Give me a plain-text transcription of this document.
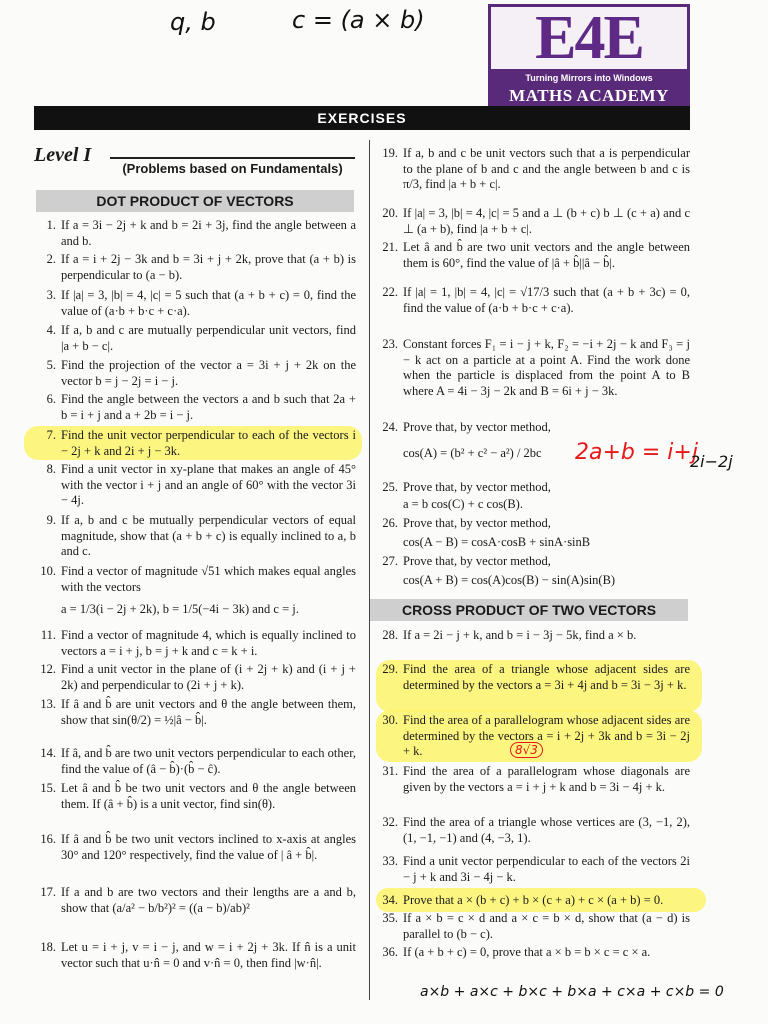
q, b	c = (a × b)	E4E
Turning Mirrors into Windows
MATHS ACADEMY
EXERCISES
Level I
(Problems based on Fundamentals)
DOT PRODUCT OF VECTORS
CROSS PRODUCT OF TWO VECTORS
1. If a = 3i − 2j + k and b = 2i + 3j, find the angle between a and b.
2. If a = i + 2j − 3k and b = 3i + j + 2k, prove that (a + b) is perpendicular to (a − b).
3. If |a| = 3, |b| = 4, |c| = 5 such that (a + b + c) = 0, find the value of (a·b + b·c + c·a).
4. If a, b and c are mutually perpendicular unit vectors, find |a + b − c|.
5. Find the projection of the vector a = 3i + j + 2k on the vector b = j − 2j = i − j.
6. Find the angle between the vectors a and b such that 2a + b = i + j and a + 2b = i − j.
7. Find the unit vector perpendicular to each of the vectors i − 2j + k and 2i + j − 3k.
8. Find a unit vector in xy-plane that makes an angle of 45° with the vector i + j and an angle of 60° with the vector 3i − 4j.
9. If a, b and c be mutually perpendicular vectors of equal magnitude, show that (a + b + c) is equally inclined to a, b and c.
10. Find a vector of magnitude √51 which makes equal angles with the vectors
a = 1/3(i − 2j + 2k), b = 1/5(−4i − 3k) and c = j.
11. Find a vector of magnitude 4, which is equally inclined to vectors a = i + j, b = j + k and c = k + i.
12. Find a unit vector in the plane of (i + 2j + k) and (i + j + 2k) and perpendicular to (2i + j + k).
13. If â and b̂ are unit vectors and θ the angle between them, show that sin(θ/2) = ½|â − b̂|.
14. If â, and b̂ are two unit vectors perpendicular to each other, find the value of (â − b̂)·(b̂ − ĉ).
15. Let â and b̂ be two unit vectors and θ the angle between them. If (â + b̂) is a unit vector, find sin(θ).
16. If â and b̂ be two unit vectors inclined to x-axis at angles 30° and 120° respectively, find the value of | â + b̂|.
17. If a and b are two vectors and their lengths are a and b, show that (a/a² − b/b²)² = ((a − b)/ab)²
18. Let u = i + j, v = i − j, and w = i + 2j + 3k. If n̂ is a unit vector such that u·n̂ = 0 and v·n̂ = 0, then find |w·n̂|.
19. If a, b and c be unit vectors such that a is perpendicular to the plane of b and c and the angle between b and c is π/3, find |a + b + c|.
20. If |a| = 3, |b| = 4, |c| = 5 and a ⊥ (b + c) b ⊥ (c + a) and c ⊥ (a + b), find |a + b + c|.
21. Let â and b̂ are two unit vectors and the angle between them is 60°, find the value of |â + b̂||â − b̂|.
22. If |a| = 1, |b| = 4, |c| = √17/3 such that (a + b + 3c) = 0, find the value of (a·b + b·c + c·a).
23. Constant forces F₁ = i − j + k, F₂ = −i + 2j − k and F₃ = j − k act on a particle at a point A. Find the work done when the particle is displaced from the point A to B where A = 4i − 3j − 2k and B = 6i + j − 3k.
24. Prove that, by vector method,
cos(A) = (b² + c² − a²) / 2bc
25. Prove that, by vector method,
a = b cos(C) + c cos(B).
26. Prove that, by vector method,
cos(A − B) = cosA·cosB + sinA·sinB
27. Prove that, by vector method,
cos(A + B) = cos(A)cos(B) − sin(A)sin(B)
28. If a = 2i − j + k, and b = i − 3j − 5k, find a × b.
29. Find the area of a triangle whose adjacent sides are determined by the vectors a = 3i + 4j and b = 3i − 3j + k.
30. Find the area of a parallelogram whose adjacent sides are determined by the vectors a = i + 2j + 3k and b = 3i − 2j + k.
31. Find the area of a parallelogram whose diagonals are given by the vectors a = i + j + k and b = 3i − 4j + k.
32. Find the area of a triangle whose vertices are (3, −1, 2), (1, −1, −1) and (4, −3, 1).
33. Find a unit vector perpendicular to each of the vectors 2i − j + k and 3i − 4j − k.
34. Prove that a × (b + c) + b × (c + a) + c × (a + b) = 0.
35. If a × b = c × d and a × c = b × d, show that (a − d) is parallel to (b − c).
36. If (a + b + c) = 0, prove that a × b = b × c = c × a.
2a+b = i+j
2i−2j
8√3
a×b + a×c + b×c + b×a + c×a + c×b = 0
